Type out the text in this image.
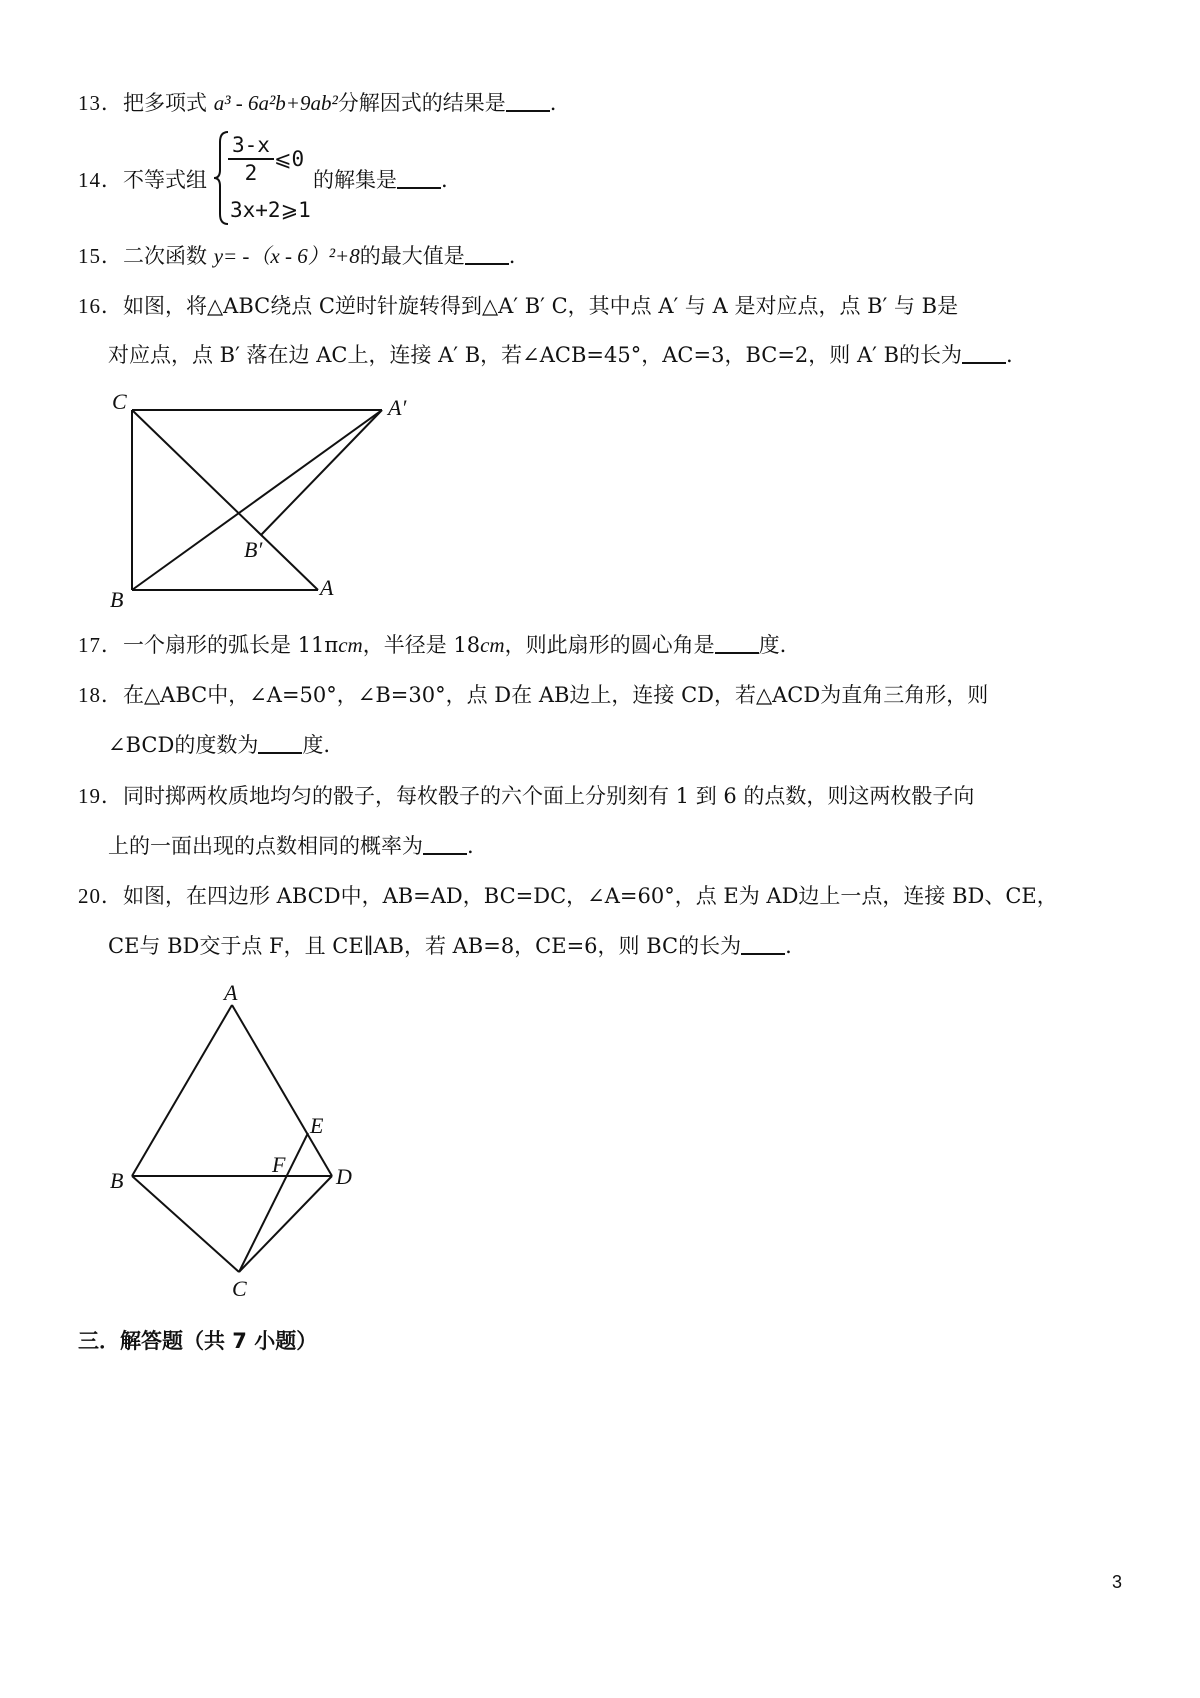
13．把多项式 a³ - 6a²b+9ab²分解因式的结果是 .
14．不等式组	的解集是 .
$\frac{3-x}{2}$ ⩽0
3x+2⩾1
15．二次函数 y= -（x - 6）²+8的最大值是 .
16．如图，将△ABC绕点 C逆时针旋转得到△A′ B′ C，其中点 A′ 与 A 是对应点，点 B′ 与 B是
对应点，点 B′ 落在边 AC上，连接 A′ B，若∠ACB=45°，AC=3，BC=2，则 A′ B的长为 .
C	A′
B′
B	A
17．一个扇形的弧长是 11πcm，半径是 18cm，则此扇形的圆心角是 度.
18．在△ABC中，∠A=50°，∠B=30°，点 D在 AB边上，连接 CD，若△ACD为直角三角形，则
∠BCD的度数为 度.
19．同时掷两枚质地均匀的骰子，每枚骰子的六个面上分别刻有 1 到 6 的点数，则这两枚骰子向
上的一面出现的点数相同的概率为 .
20．如图，在四边形 ABCD中，AB=AD，BC=DC，∠A=60°，点 E为 AD边上一点，连接 BD、CE，
CE与 BD交于点 F，且 CE∥AB，若 AB=8，CE=6，则 BC的长为 .
A
E
F
B	D
C
三．解答题（共 7 小题）
3
